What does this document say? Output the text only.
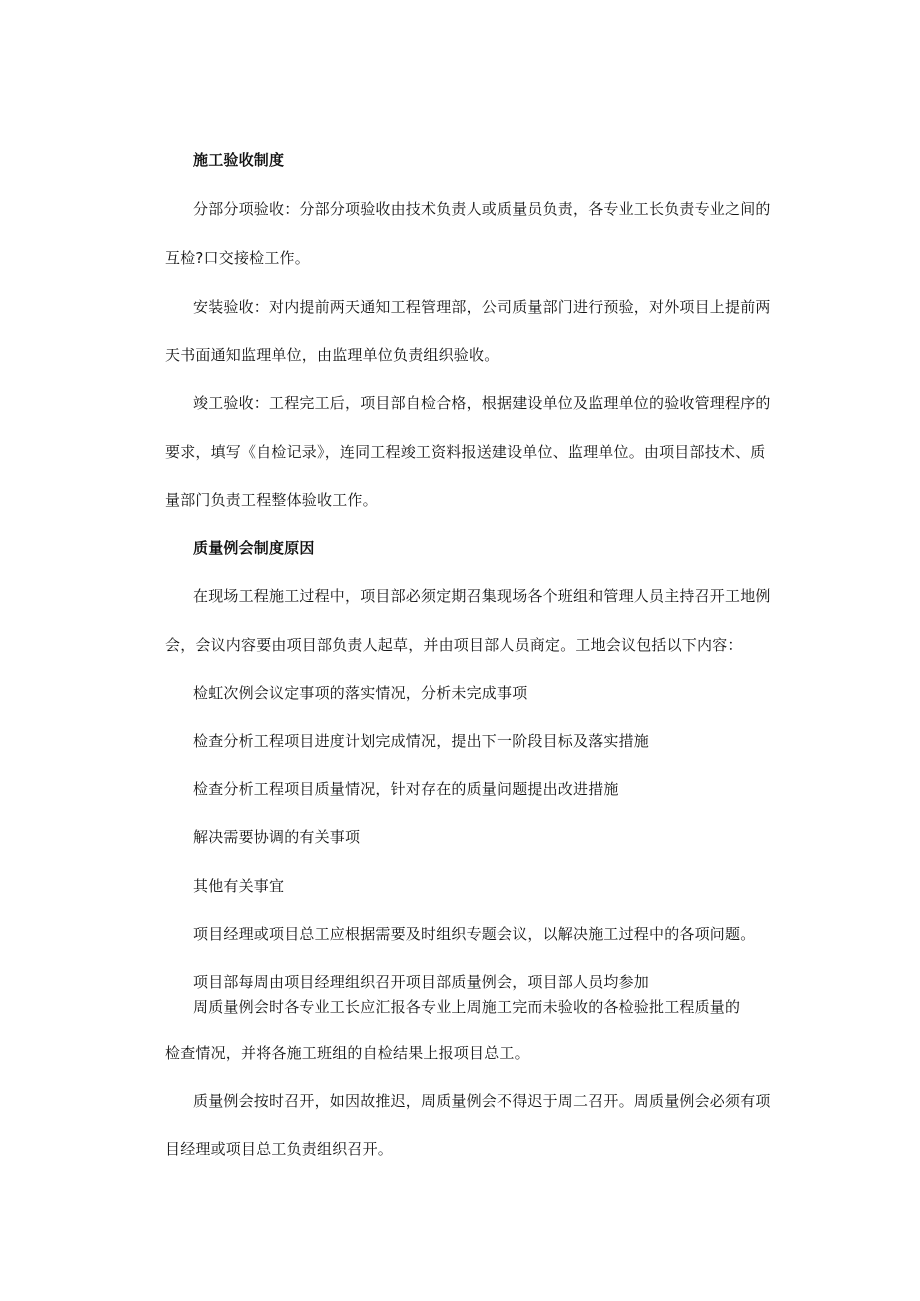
施工验收制度
分部分项验收：分部分项验收由技术负责人或质量员负责，各专业工长负责专业之间的
互检?口交接检工作。
安装验收：对内提前两天通知工程管理部，公司质量部门进行预验，对外项目上提前两
天书面通知监理单位，由监理单位负责组织验收。
竣工验收：工程完工后，项目部自检合格，根据建设单位及监理单位的验收管理程序的
要求，填写《自检记录》，连同工程竣工资料报送建设单位、监理单位。由项目部技术、质
量部门负责工程整体验收工作。
质量例会制度原因
在现场工程施工过程中，项目部必须定期召集现场各个班组和管理人员主持召开工地例
会，会议内容要由项目部负责人起草，并由项目部人员商定。工地会议包括以下内容：
检虹次例会议定事项的落实情况，分析未完成事项
检查分析工程项目进度计划完成情况，提出下一阶段目标及落实措施
检查分析工程项目质量情况，针对存在的质量问题提出改进措施
解决需要协调的有关事项
其他有关事宜
项目经理或项目总工应根据需要及时组织专题会议，以解决施工过程中的各项问题。
项目部每周由项目经理组织召开项目部质量例会，项目部人员均参加
周质量例会时各专业工长应汇报各专业上周施工完而未验收的各检验批工程质量的
检查情况，并将各施工班组的自检结果上报项目总工。
质量例会按时召开，如因故推迟，周质量例会不得迟于周二召开。周质量例会必须有项
目经理或项目总工负责组织召开。
